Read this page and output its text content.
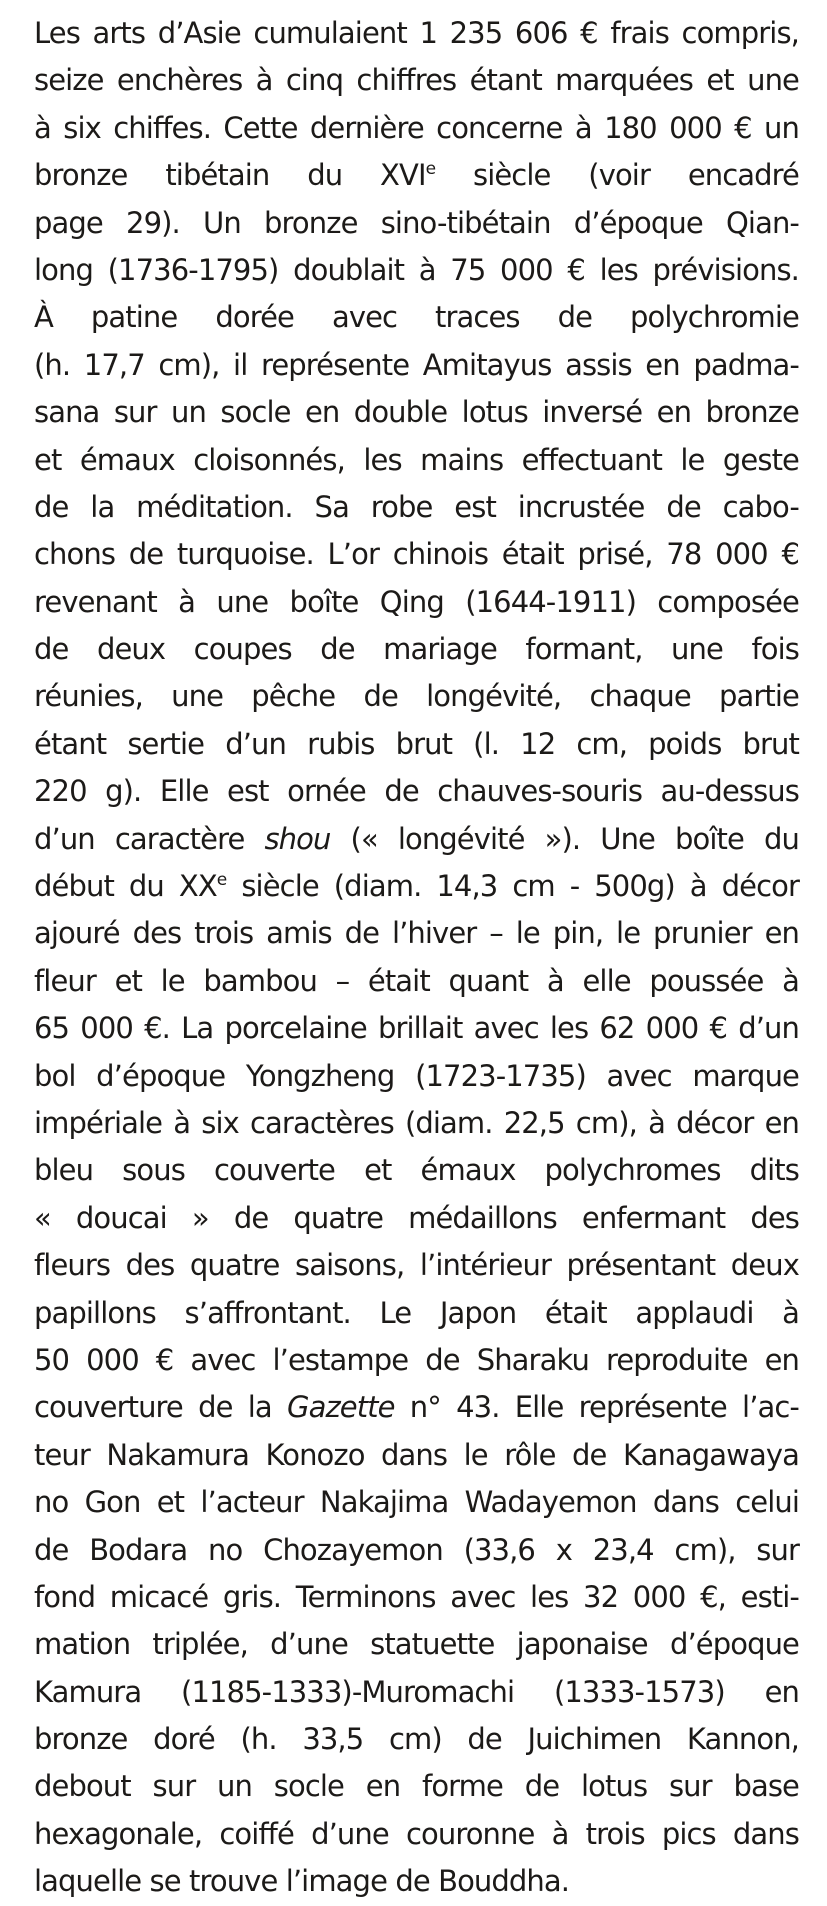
Les arts d’Asie cumulaient 1 235 606 € frais compris,
seize enchères à cinq chiffres étant marquées et une
à six chiffes. Cette dernière concerne à 180 000 € un
bronze tibétain du XVIe siècle (voir encadré
page 29). Un bronze sino-tibétain d’époque Qian-
long (1736-1795) doublait à 75 000 € les prévisions.
À patine dorée avec traces de polychromie
(h. 17,7 cm), il représente Amitayus assis en padma-
sana sur un socle en double lotus inversé en bronze
et émaux cloisonnés, les mains effectuant le geste
de la méditation. Sa robe est incrustée de cabo-
chons de turquoise. L’or chinois était prisé, 78 000 €
revenant à une boîte Qing (1644-1911) composée
de deux coupes de mariage formant, une fois
réunies, une pêche de longévité, chaque partie
étant sertie d’un rubis brut (l. 12 cm, poids brut
220 g). Elle est ornée de chauves-souris au-dessus
d’un caractère shou (« longévité »). Une boîte du
début du XXe siècle (diam. 14,3 cm - 500g) à décor
ajouré des trois amis de l’hiver – le pin, le prunier en
fleur et le bambou – était quant à elle poussée à
65 000 €. La porcelaine brillait avec les 62 000 € d’un
bol d’époque Yongzheng (1723-1735) avec marque
impériale à six caractères (diam. 22,5 cm), à décor en
bleu sous couverte et émaux polychromes dits
« doucai » de quatre médaillons enfermant des
fleurs des quatre saisons, l’intérieur présentant deux
papillons s’affrontant. Le Japon était applaudi à
50 000 € avec l’estampe de Sharaku reproduite en
couverture de la Gazette n° 43. Elle représente l’ac-
teur Nakamura Konozo dans le rôle de Kanagawaya
no Gon et l’acteur Nakajima Wadayemon dans celui
de Bodara no Chozayemon (33,6 x 23,4 cm), sur
fond micacé gris. Terminons avec les 32 000 €, esti-
mation triplée, d’une statuette japonaise d’époque
Kamura (1185-1333)-Muromachi (1333-1573) en
bronze doré (h. 33,5 cm) de Juichimen Kannon,
debout sur un socle en forme de lotus sur base
hexagonale, coiffé d’une couronne à trois pics dans
laquelle se trouve l’image de Bouddha.
